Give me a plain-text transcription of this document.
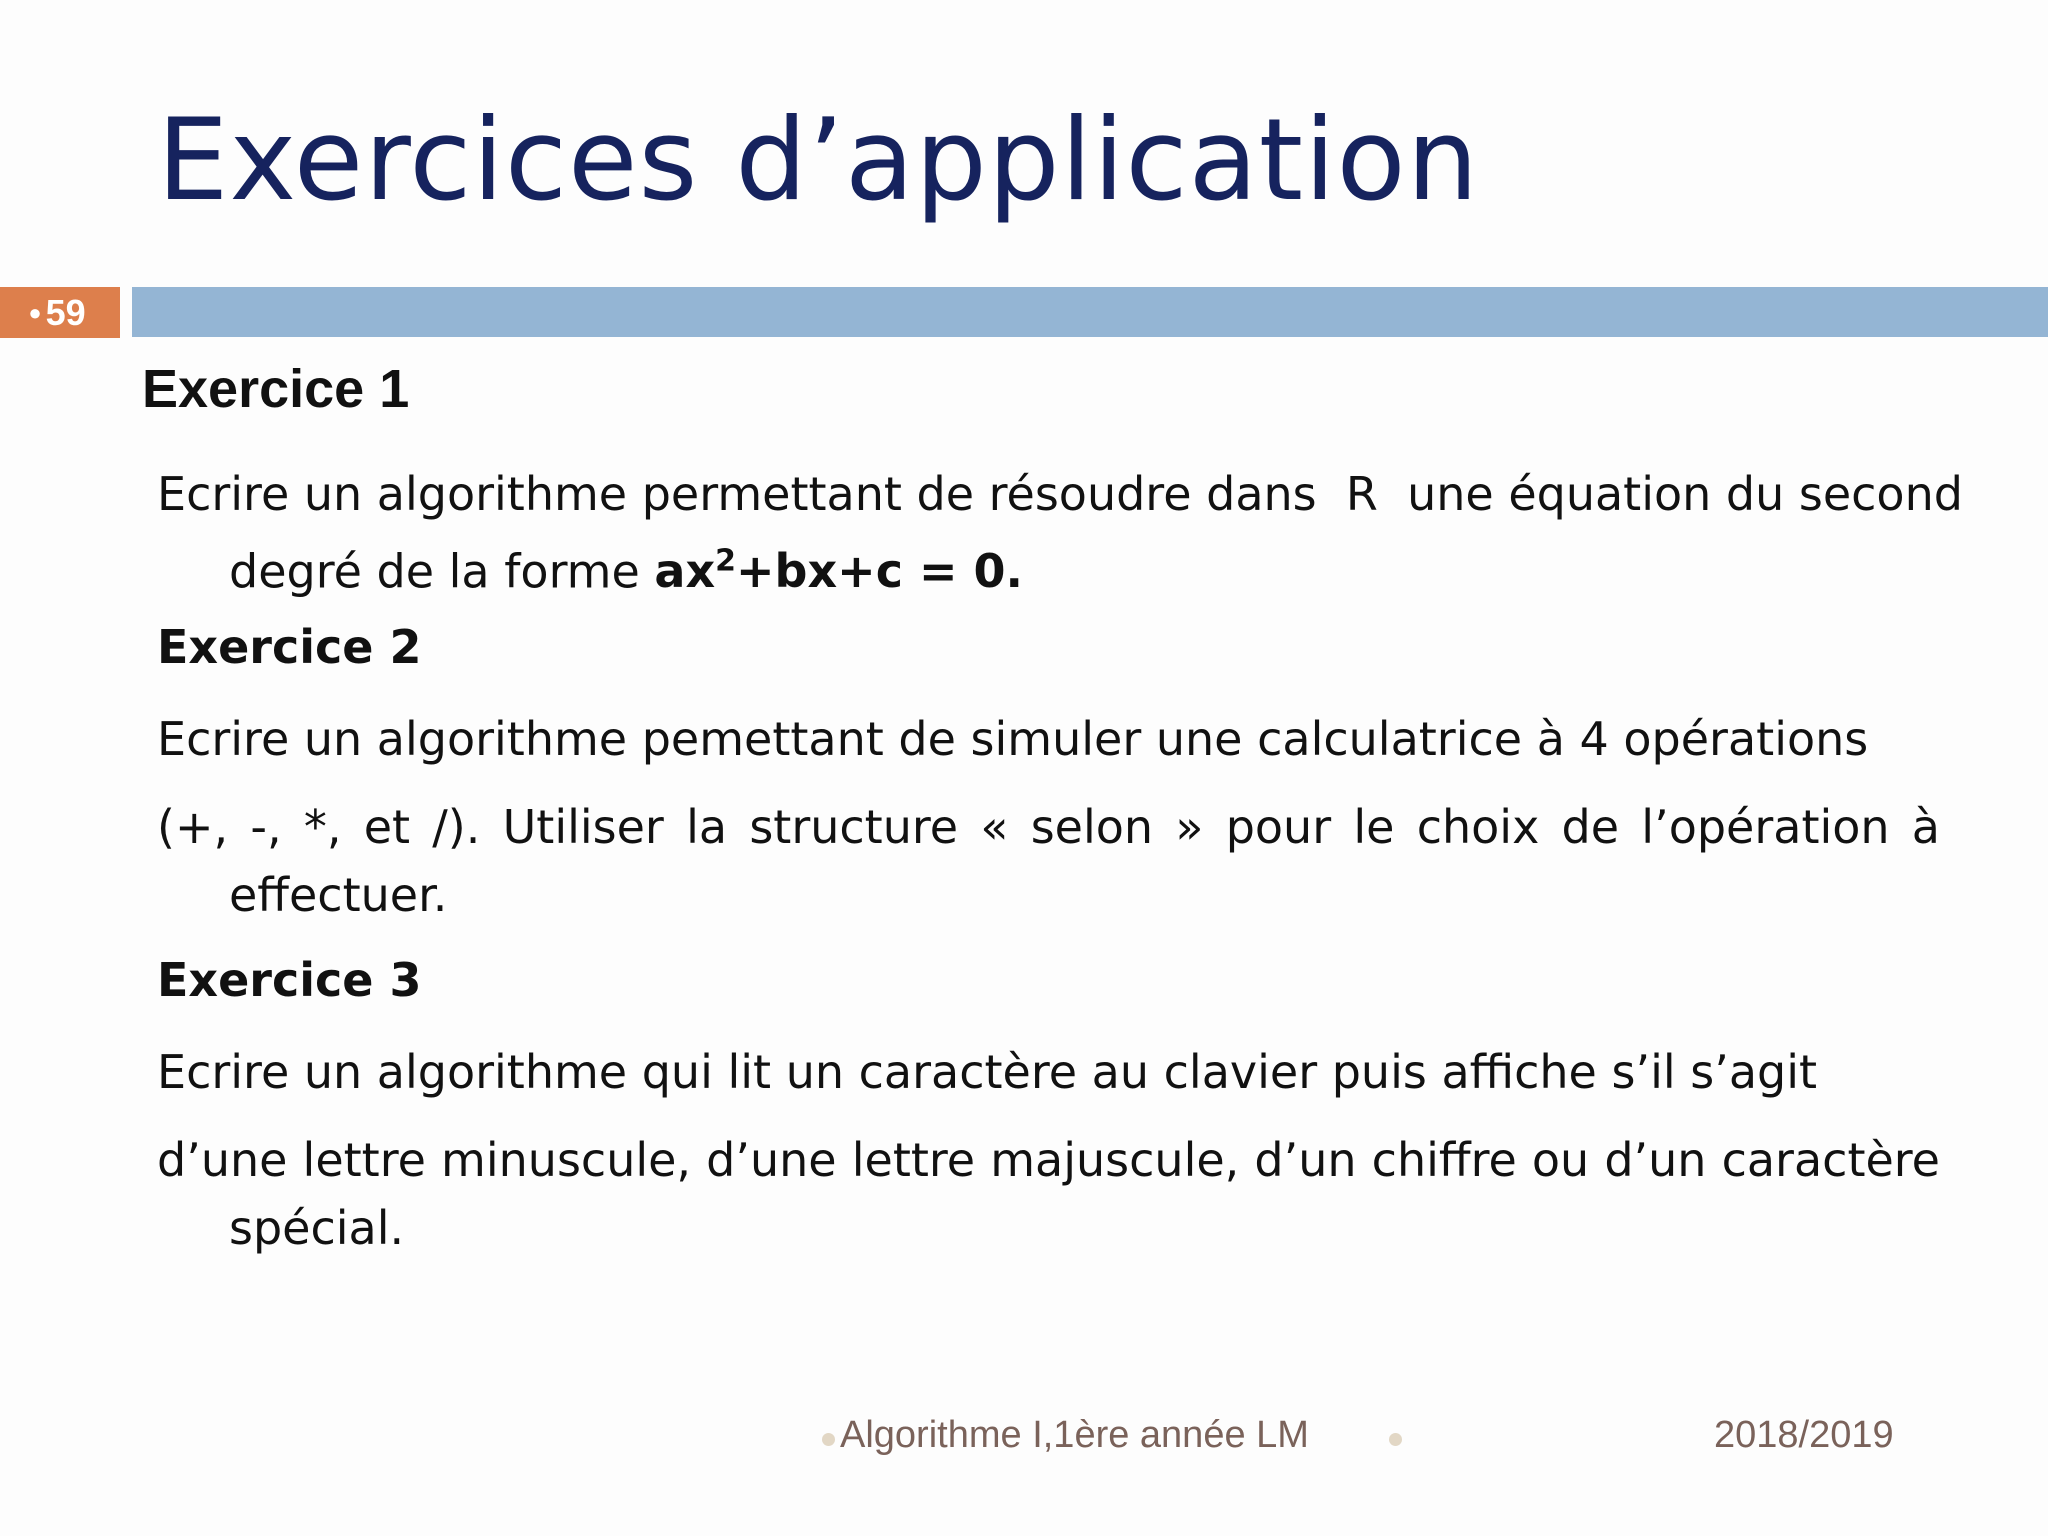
Exercices d’application
● 59
Exercice 1
Ecrire un algorithme permettant de résoudre dans  R  une équation du second
degré de la forme $ax^2+bx+c = 0$.
Exercice 2
Ecrire un algorithme pemettant de simuler une calculatrice à 4 opérations
(+, -, *, et /). Utiliser la structure « selon » pour le choix de l’opération à
effectuer.
Exercice 3
Ecrire un algorithme qui lit un caractère au clavier puis affiche s’il s’agit
d’une lettre minuscule, d’une lettre majuscule, d’un chiffre ou d’un caractère
spécial.
Algorithme I,1ère année LM	2018/2019
